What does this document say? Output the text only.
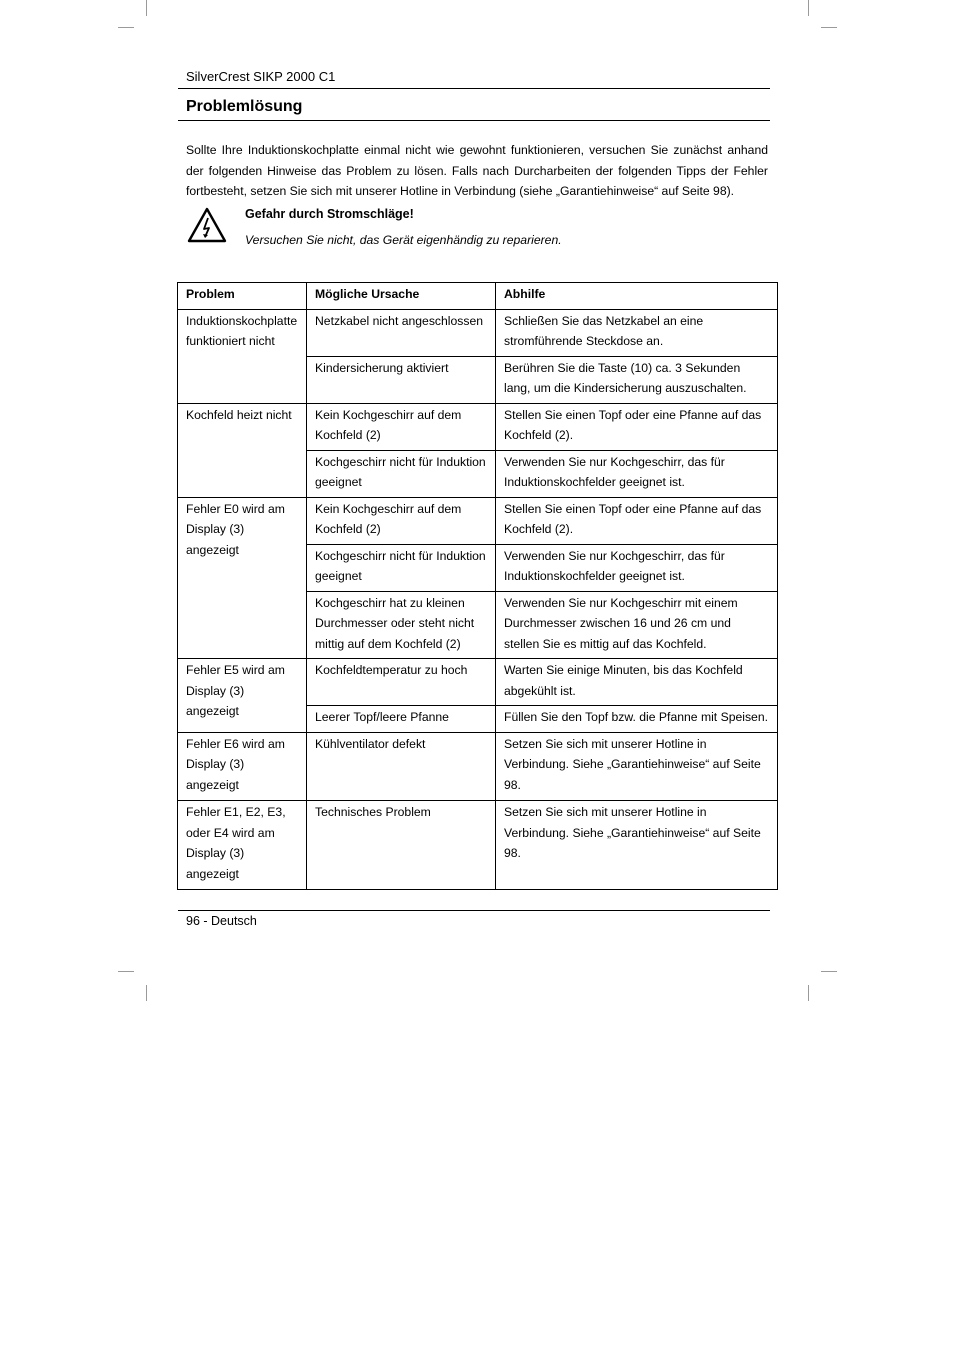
SilverCrest SIKP 2000 C1
Problemlösung

Sollte Ihre Induktionskochplatte einmal nicht wie gewohnt funktionieren, versuchen Sie zunächst anhand der folgenden Hinweise das Problem zu lösen. Falls nach Durcharbeiten der folgenden Tipps der Fehler fortbesteht, setzen Sie sich mit unserer Hotline in Verbindung (siehe „Garantiehinweise“ auf Seite 98).

Gefahr durch Stromschläge!
Versuchen Sie nicht, das Gerät eigenhändig zu reparieren.
Problem	Mögliche Ursache	Abhilfe
Induktionskochplatte funktioniert nicht	Netzkabel nicht angeschlossen	Schließen Sie das Netzkabel an eine stromführende Steckdose an.
	Kindersicherung aktiviert	Berühren Sie die Taste (10) ca. 3 Sekunden lang, um die Kindersicherung auszuschalten.
Kochfeld heizt nicht	Kein Kochgeschirr auf dem Kochfeld (2)	Stellen Sie einen Topf oder eine Pfanne auf das Kochfeld (2).
	Kochgeschirr nicht für Induktion geeignet	Verwenden Sie nur Kochgeschirr, das für Induktionskochfelder geeignet ist.
Fehler E0 wird am Display (3) angezeigt	Kein Kochgeschirr auf dem Kochfeld (2)	Stellen Sie einen Topf oder eine Pfanne auf das Kochfeld (2).
	Kochgeschirr nicht für Induktion geeignet	Verwenden Sie nur Kochgeschirr, das für Induktionskochfelder geeignet ist.
	Kochgeschirr hat zu kleinen Durchmesser oder steht nicht mittig auf dem Kochfeld (2)	Verwenden Sie nur Kochgeschirr mit einem Durchmesser zwischen 16 und 26 cm und stellen Sie es mittig auf das Kochfeld.
Fehler E5 wird am Display (3) angezeigt	Kochfeldtemperatur zu hoch	Warten Sie einige Minuten, bis das Kochfeld abgekühlt ist.
	Leerer Topf/leere Pfanne	Füllen Sie den Topf bzw. die Pfanne mit Speisen.
Fehler E6 wird am Display (3) angezeigt	Kühlventilator defekt	Setzen Sie sich mit unserer Hotline in Verbindung. Siehe „Garantiehinweise“ auf Seite 98.
Fehler E1, E2, E3, oder E4 wird am Display (3) angezeigt	Technisches Problem	Setzen Sie sich mit unserer Hotline in Verbindung. Siehe „Garantiehinweise“ auf Seite 98.
96 - Deutsch
